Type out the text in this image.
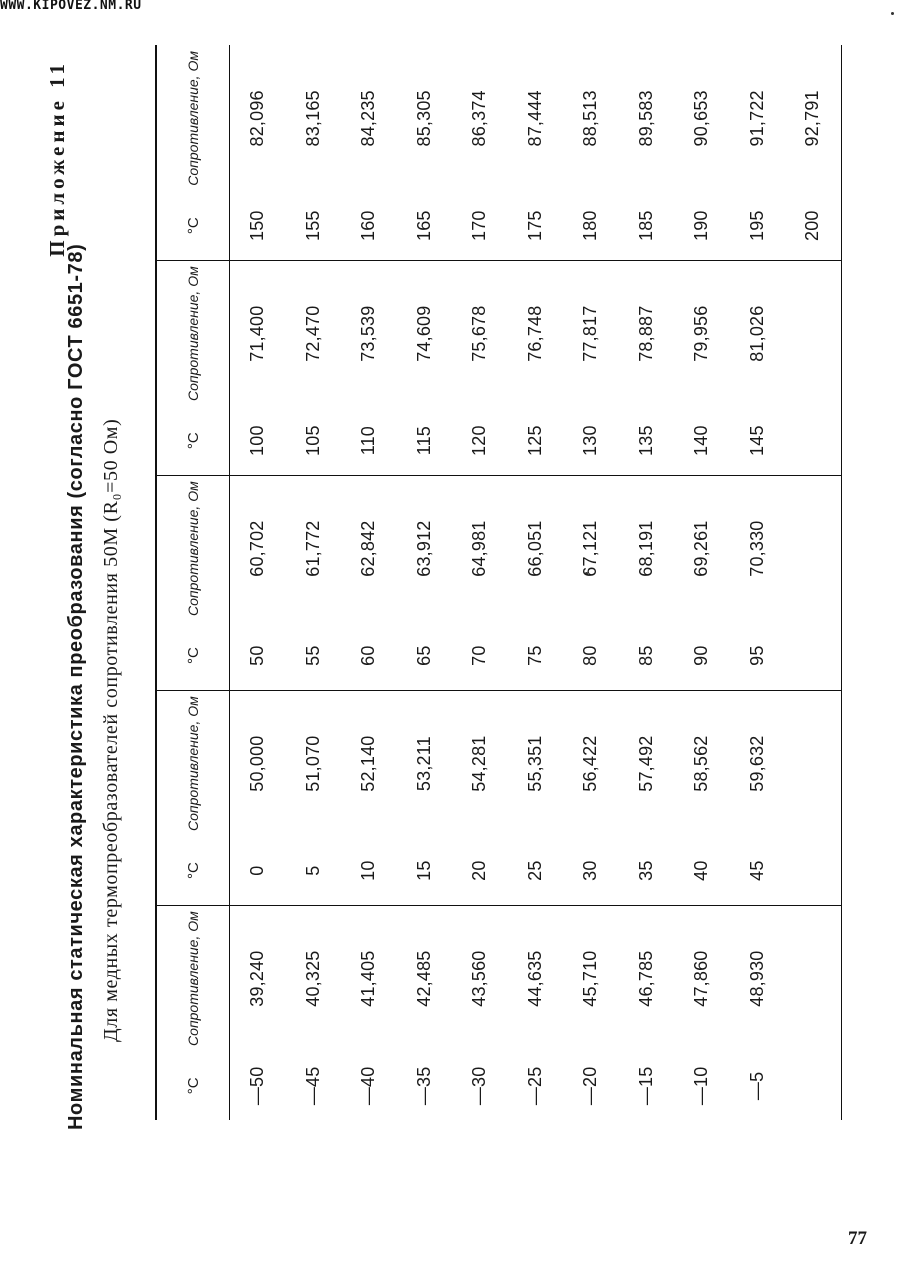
WWW.KIPOVEZ.NM.RU
77
Приложение 11
Номинальная статическая характеристика преобразования (согласно ГОСТ 6651-78) Для медных термопреобразователей сопротивления 50М (R₀=50 Ом)
°C	Сопротивление, Ом	°C	Сопротивление, Ом	°C	Сопротивление, Ом	°C	Сопротивление, Ом	°C	Сопротивление, Ом
—50	39,240	0	50,000	50	60,702	100	71,400	150	82,096
—45	40,325	5	51,070	55	61,772	105	72,470	155	83,165
—40	41,405	10	52,140	60	62,842	110	73,539	160	84,235
—35	42,485	15	53,211	65	63,912	115	74,609	165	85,305
—30	43,560	20	54,281	70	64,981	120	75,678	170	86,374
—25	44,635	25	55,351	75	66,051	125	76,748	175	87,444
—20	45,710	30	56,422	80	67,121	130	77,817	180	88,513
—15	46,785	35	57,492	85	68,191	135	78,887	185	89,583
—10	47,860	40	58,562	90	69,261	140	79,956	190	90,653
—5	48,930	45	59,632	95	70,330	145	81,026	195	91,722
								200	92,791
